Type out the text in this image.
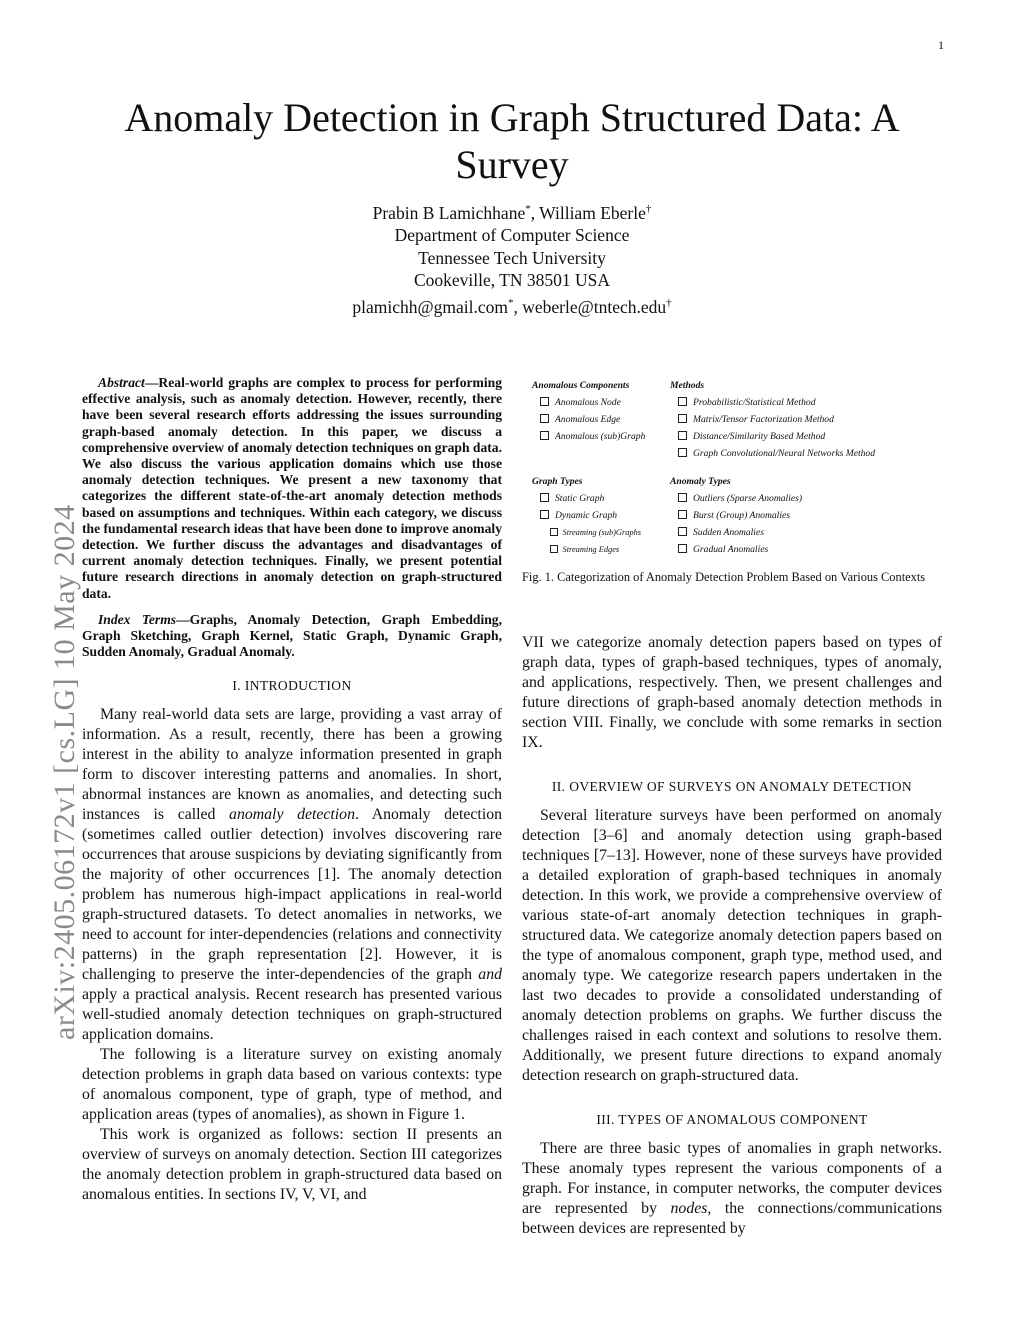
1
arXiv:2405.06172v1 [cs.LG] 10 May 2024
Anomaly Detection in Graph Structured Data: A Survey
Prabin B Lamichhane*, William Eberle†
Department of Computer Science
Tennessee Tech University
Cookeville, TN 38501 USA
plamichh@gmail.com*, weberle@tntech.edu†

Abstract—Real-world graphs are complex to process for performing effective analysis, such as anomaly detection. However, recently, there have been several research efforts addressing the issues surrounding graph-based anomaly detection. In this paper, we discuss a comprehensive overview of anomaly detection techniques on graph data. We also discuss the various application domains which use those anomaly detection techniques. We present a new taxonomy that categorizes the different state-of-the-art anomaly detection methods based on assumptions and techniques. Within each category, we discuss the fundamental research ideas that have been done to improve anomaly detection. We further discuss the advantages and disadvantages of current anomaly detection techniques. Finally, we present potential future research directions in anomaly detection on graph-structured data.

Index Terms—Graphs, Anomaly Detection, Graph Embedding, Graph Sketching, Graph Kernel, Static Graph, Dynamic Graph, Sudden Anomaly, Gradual Anomaly.

I. INTRODUCTION

Many real-world data sets are large, providing a vast array of information. As a result, recently, there has been a growing interest in the ability to analyze information presented in graph form to discover interesting patterns and anomalies. In short, abnormal instances are known as anomalies, and detecting such instances is called anomaly detection. Anomaly detection (sometimes called outlier detection) involves discovering rare occurrences that arouse suspicions by deviating significantly from the majority of other occurrences [1]. The anomaly detection problem has numerous high-impact applications in real-world graph-structured datasets. To detect anomalies in networks, we need to account for inter-dependencies (relations and connectivity patterns) in the graph representation [2]. However, it is challenging to preserve the inter-dependencies of the graph and apply a practical analysis. Recent research has presented various well-studied anomaly detection techniques on graph-structured application domains.

The following is a literature survey on existing anomaly detection problems in graph data based on various contexts: type of anomalous component, type of graph, type of method, and application areas (types of anomalies), as shown in Figure 1.

This work is organized as follows: section II presents an overview of surveys on anomaly detection. Section III categorizes the anomaly detection problem in graph-structured data based on anomalous entities. In sections IV, V, VI, and

Anomalous Components
Anomalous Node
Anomalous Edge
Anomalous (sub)Graph
Graph Types
Static Graph
Dynamic Graph
Streaming (sub)Graphs
Streaming Edges
Methods
Probabilistic/Statistical Method
Matrix/Tensor Factorization Method
Distance/Similarity Based Method
Graph Convolutional/Neural Networks Method
Anomaly Types
Outliers (Sparse Anomalies)
Burst (Group) Anomalies
Sudden Anomalies
Gradual Anomalies
Fig. 1. Categorization of Anomaly Detection Problem Based on Various Contexts

VII we categorize anomaly detection papers based on types of graph data, types of graph-based techniques, types of anomaly, and applications, respectively. Then, we present challenges and future directions of graph-based anomaly detection methods in section VIII. Finally, we conclude with some remarks in section IX.

II. OVERVIEW OF SURVEYS ON ANOMALY DETECTION

Several literature surveys have been performed on anomaly detection [3–6] and anomaly detection using graph-based techniques [7–13]. However, none of these surveys have provided a detailed exploration of graph-based techniques in anomaly detection. In this work, we provide a comprehensive overview of various state-of-art anomaly detection techniques in graph-structured data. We categorize anomaly detection papers based on the type of anomalous component, graph type, method used, and anomaly type. We categorize research papers undertaken in the last two decades to provide a consolidated understanding of anomaly detection problems on graphs. We further discuss the challenges raised in each context and solutions to resolve them. Additionally, we present future directions to expand anomaly detection research on graph-structured data.

III. TYPES OF ANOMALOUS COMPONENT

There are three basic types of anomalies in graph networks. These anomaly types represent the various components of a graph. For instance, in computer networks, the computer devices are represented by nodes, the connections/communications between devices are represented by
